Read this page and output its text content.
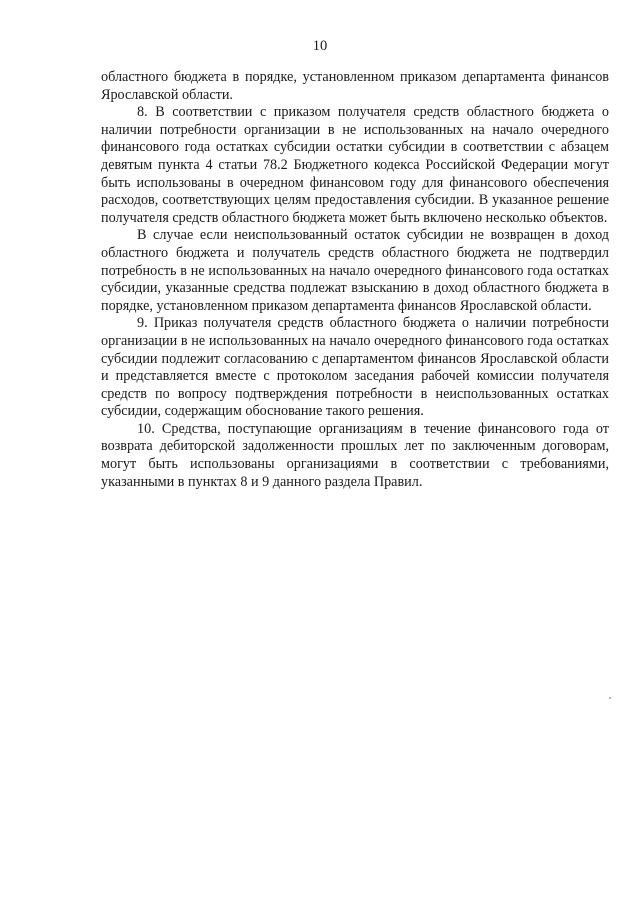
10

областного бюджета в порядке, установленном приказом департамента финансов Ярославской области.

8. В соответствии с приказом получателя средств областного бюджета о наличии потребности организации в не использованных на начало очередного финансового года остатках субсидии остатки субсидии в соответствии с абзацем девятым пункта 4 статьи 78.2 Бюджетного кодекса Российской Федерации могут быть использованы в очередном финансовом году для финансового обеспечения расходов, соответствующих целям предоставления субсидии. В указанное решение получателя средств областного бюджета может быть включено несколько объектов.

В случае если неиспользованный остаток субсидии не возвращен в доход областного бюджета и получатель средств областного бюджета не подтвердил потребность в не использованных на начало очередного финансового года остатках субсидии, указанные средства подлежат взысканию в доход областного бюджета в порядке, установленном приказом департамента финансов Ярославской области.

9. Приказ получателя средств областного бюджета о наличии потребности организации в не использованных на начало очередного финансового года остатках субсидии подлежит согласованию с департаментом финансов Ярославской области и представляется вместе с протоколом заседания рабочей комиссии получателя средств по вопросу подтверждения потребности в неиспользованных остатках субсидии, содержащим обоснование такого решения.

10. Средства, поступающие организациям в течение финансового года от возврата дебиторской задолженности прошлых лет по заключенным договорам, могут быть использованы организациями в соответствии с требованиями, указанными в пунктах 8 и 9 данного раздела Правил.
